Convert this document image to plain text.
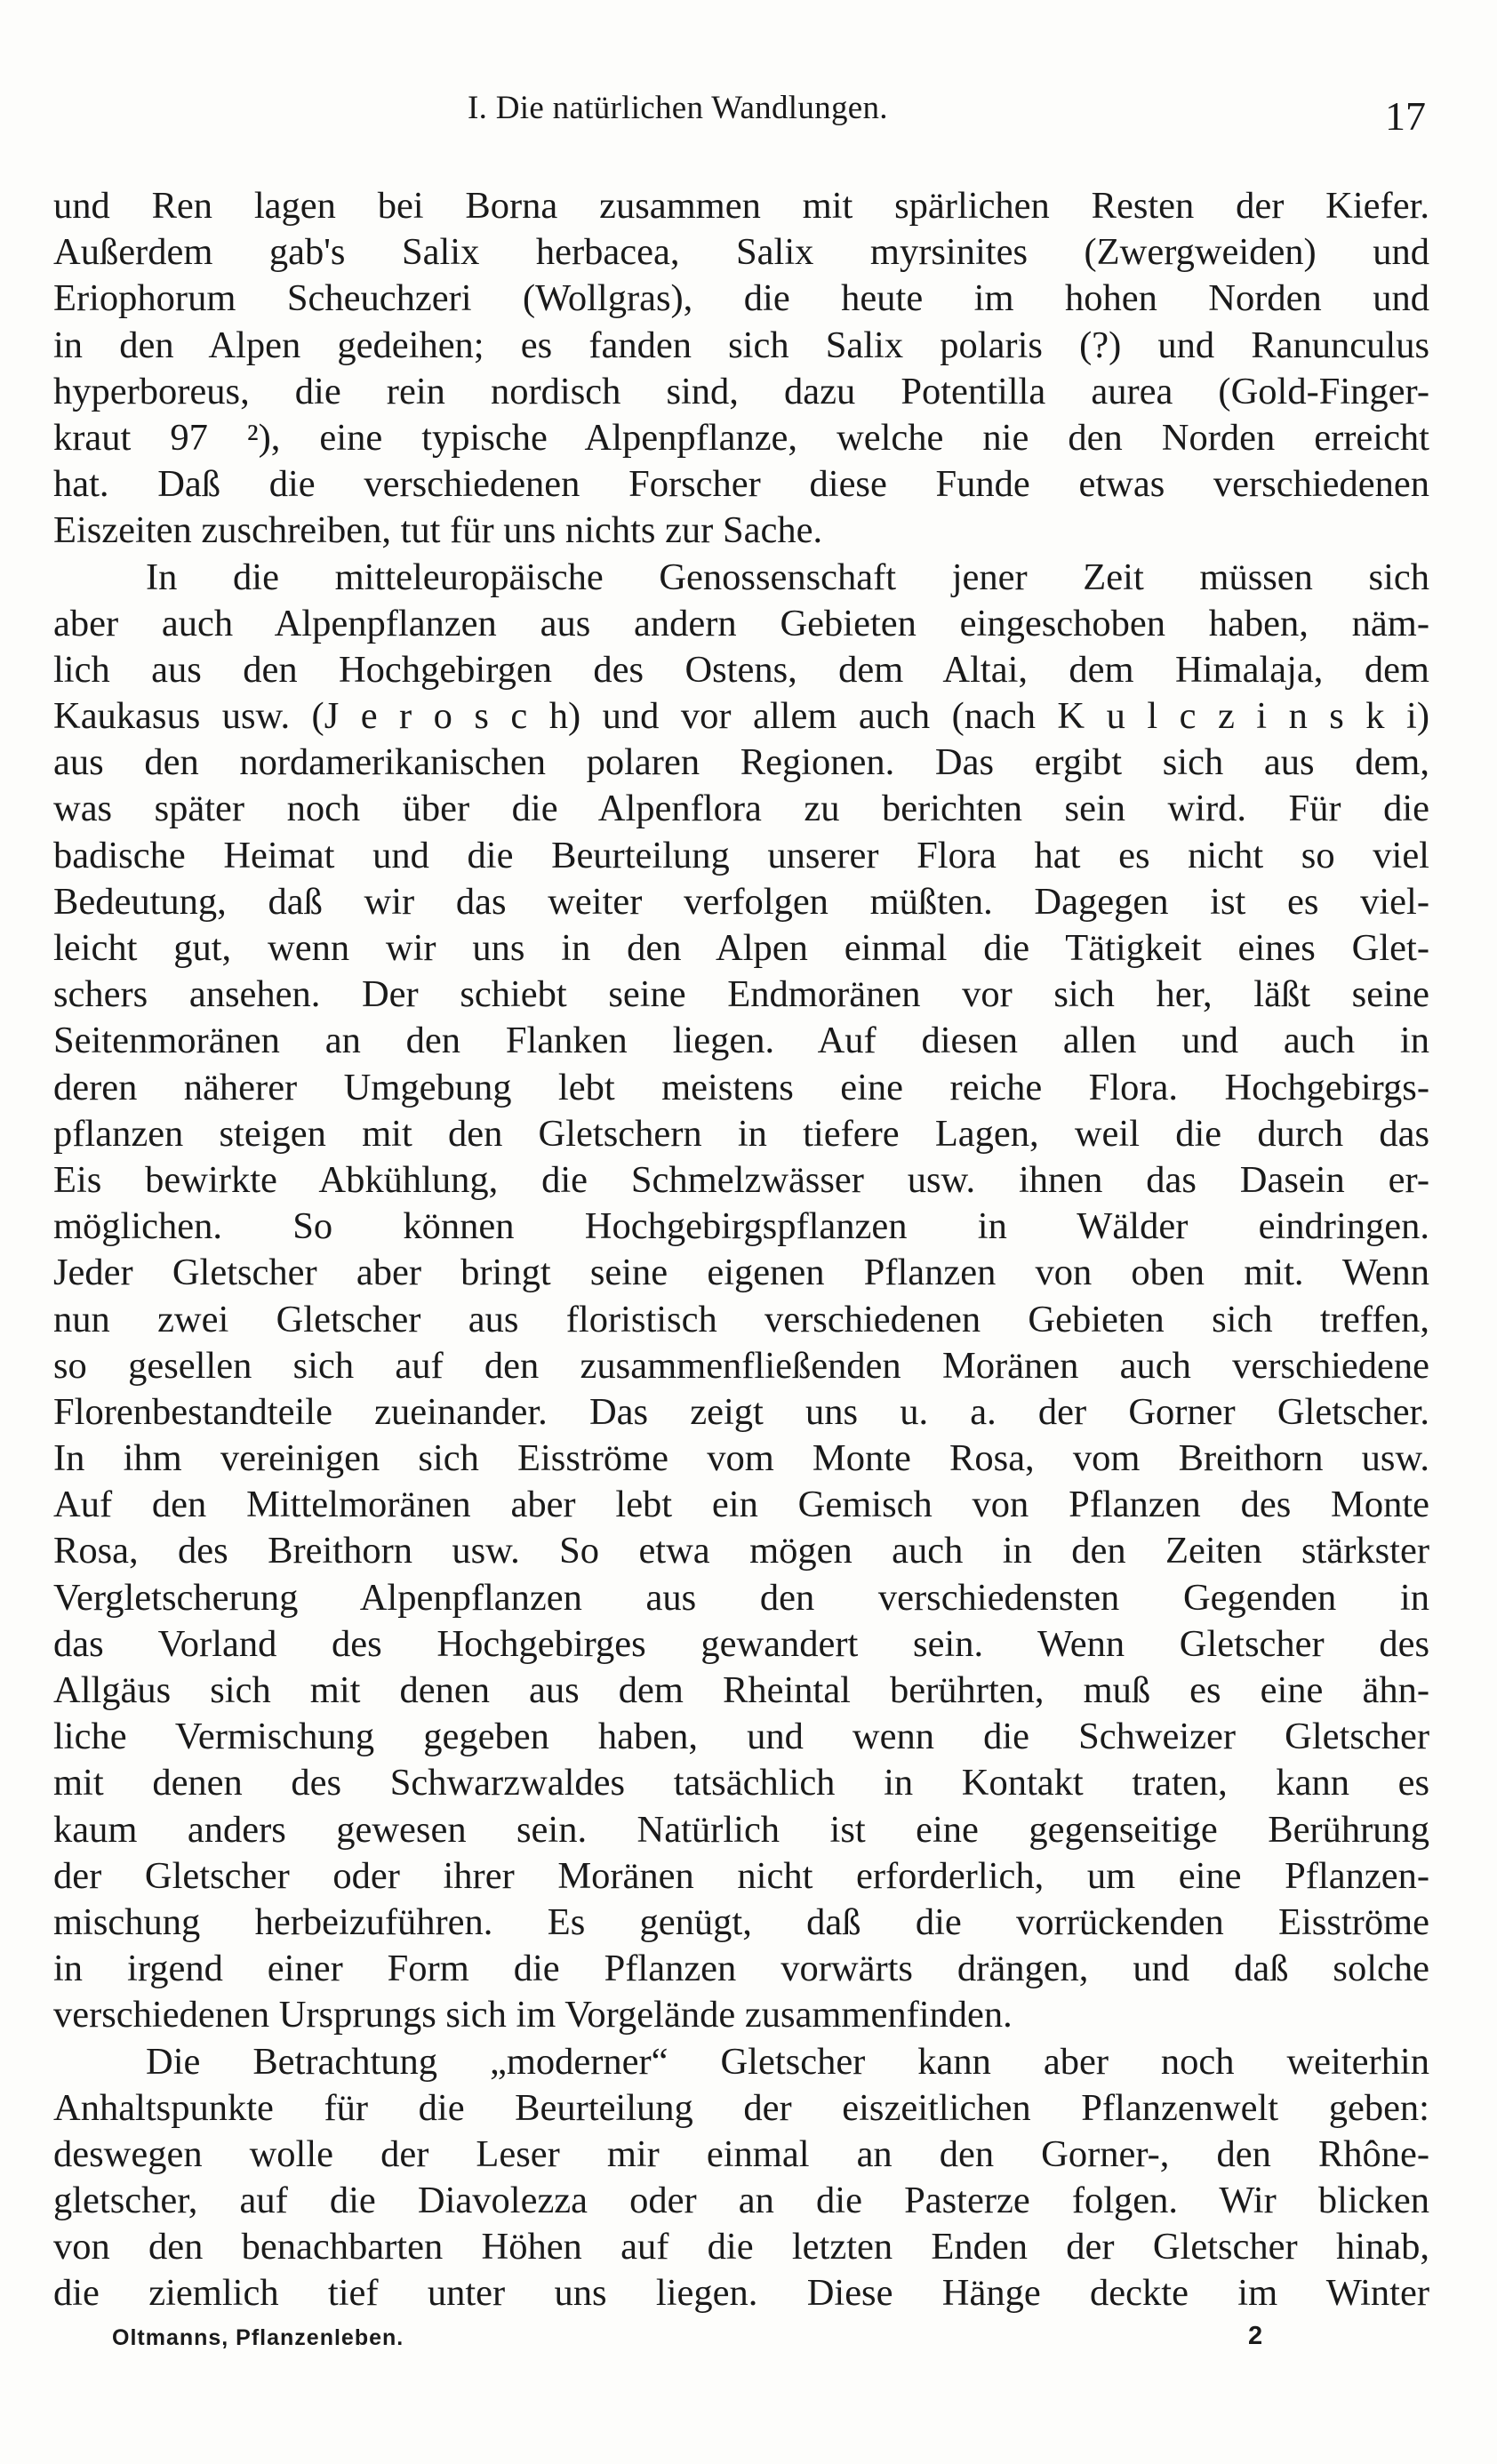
I. Die natürlichen Wandlungen.	17
und Ren lagen bei Borna zusammen mit spärlichen Resten der Kiefer.
Außerdem gab's Salix herbacea, Salix myrsinites (Zwergweiden) und
Eriophorum Scheuchzeri (Wollgras), die heute im hohen Norden und
in den Alpen gedeihen; es fanden sich Salix polaris (?) und Ranunculus
hyperboreus, die rein nordisch sind, dazu Potentilla aurea (Gold-Finger-
kraut 97 ²), eine typische Alpenpflanze, welche nie den Norden erreicht
hat. Daß die verschiedenen Forscher diese Funde etwas verschiedenen
Eiszeiten zuschreiben, tut für uns nichts zur Sache.
In die mitteleuropäische Genossenschaft jener Zeit müssen sich
aber auch Alpenpflanzen aus andern Gebieten eingeschoben haben, näm-
lich aus den Hochgebirgen des Ostens, dem Altai, dem Himalaja, dem
Kaukasus usw. (J e r o s c h) und vor allem auch (nach K u l c z i n s k i)
aus den nordamerikanischen polaren Regionen. Das ergibt sich aus dem,
was später noch über die Alpenflora zu berichten sein wird. Für die
badische Heimat und die Beurteilung unserer Flora hat es nicht so viel
Bedeutung, daß wir das weiter verfolgen müßten. Dagegen ist es viel-
leicht gut, wenn wir uns in den Alpen einmal die Tätigkeit eines Glet-
schers ansehen. Der schiebt seine Endmoränen vor sich her, läßt seine
Seitenmoränen an den Flanken liegen. Auf diesen allen und auch in
deren näherer Umgebung lebt meistens eine reiche Flora. Hochgebirgs-
pflanzen steigen mit den Gletschern in tiefere Lagen, weil die durch das
Eis bewirkte Abkühlung, die Schmelzwässer usw. ihnen das Dasein er-
möglichen. So können Hochgebirgspflanzen in Wälder eindringen.
Jeder Gletscher aber bringt seine eigenen Pflanzen von oben mit. Wenn
nun zwei Gletscher aus floristisch verschiedenen Gebieten sich treffen,
so gesellen sich auf den zusammenfließenden Moränen auch verschiedene
Florenbestandteile zueinander. Das zeigt uns u. a. der Gorner Gletscher.
In ihm vereinigen sich Eisströme vom Monte Rosa, vom Breithorn usw.
Auf den Mittelmoränen aber lebt ein Gemisch von Pflanzen des Monte
Rosa, des Breithorn usw. So etwa mögen auch in den Zeiten stärkster
Vergletscherung Alpenpflanzen aus den verschiedensten Gegenden in
das Vorland des Hochgebirges gewandert sein. Wenn Gletscher des
Allgäus sich mit denen aus dem Rheintal berührten, muß es eine ähn-
liche Vermischung gegeben haben, und wenn die Schweizer Gletscher
mit denen des Schwarzwaldes tatsächlich in Kontakt traten, kann es
kaum anders gewesen sein. Natürlich ist eine gegenseitige Berührung
der Gletscher oder ihrer Moränen nicht erforderlich, um eine Pflanzen-
mischung herbeizuführen. Es genügt, daß die vorrückenden Eisströme
in irgend einer Form die Pflanzen vorwärts drängen, und daß solche
verschiedenen Ursprungs sich im Vorgelände zusammenfinden.
Die Betrachtung „moderner“ Gletscher kann aber noch weiterhin
Anhaltspunkte für die Beurteilung der eiszeitlichen Pflanzenwelt geben:
deswegen wolle der Leser mir einmal an den Gorner-, den Rhône-
gletscher, auf die Diavolezza oder an die Pasterze folgen. Wir blicken
von den benachbarten Höhen auf die letzten Enden der Gletscher hinab,
die ziemlich tief unter uns liegen. Diese Hänge deckte im Winter
Oltmanns, Pflanzenleben.	2
